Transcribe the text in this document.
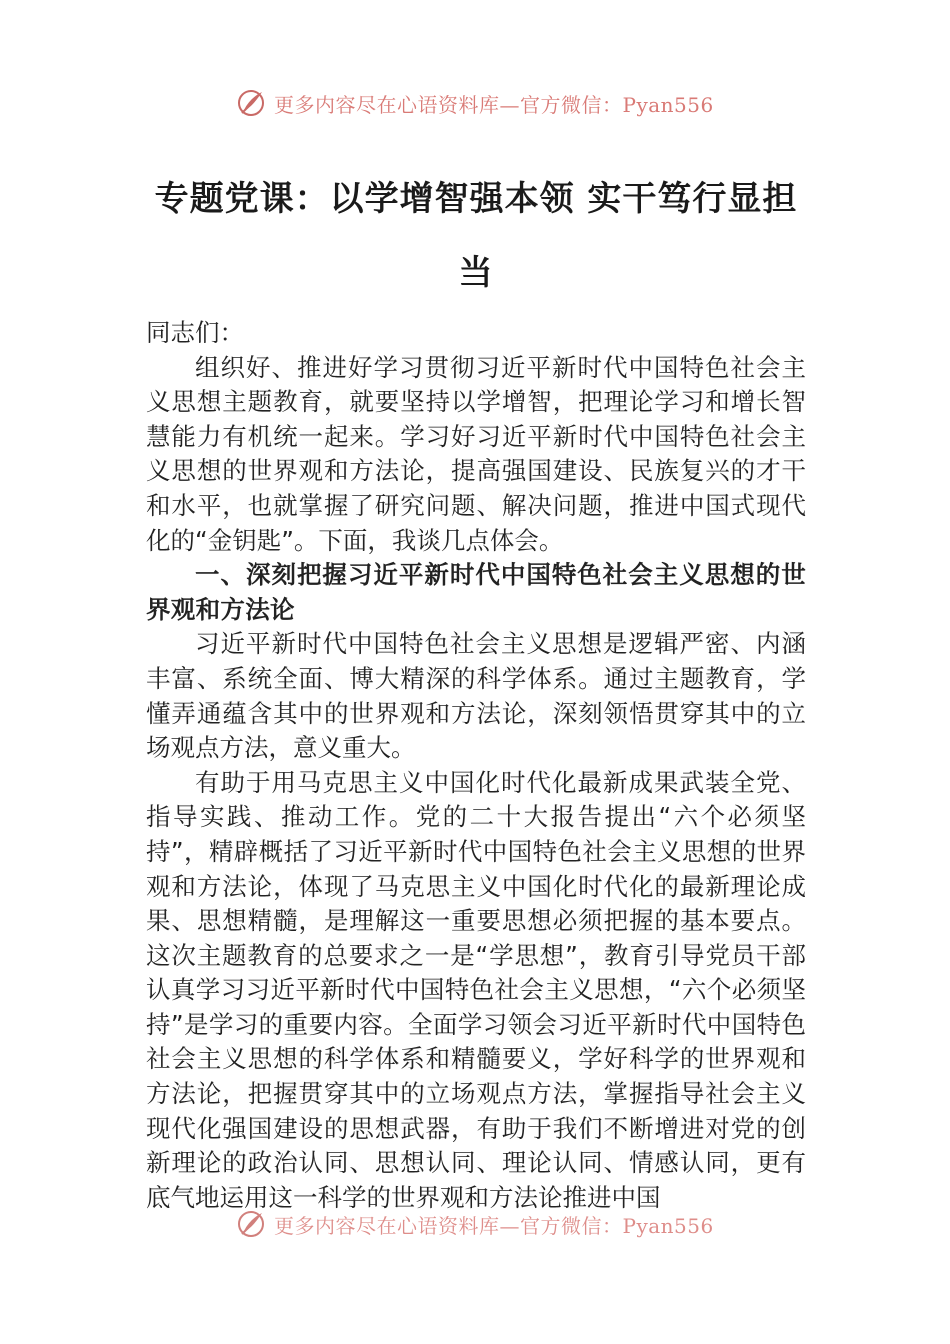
更多内容尽在心语资料库—官方微信：Pyan556
专题党课：以学增智强本领 实干笃行显担当

同志们：

组织好、推进好学习贯彻习近平新时代中国特色社会主义思想主题教育，就要坚持以学增智，把理论学习和增长智慧能力有机统一起来。学习好习近平新时代中国特色社会主义思想的世界观和方法论，提高强国建设、民族复兴的才干和水平，也就掌握了研究问题、解决问题，推进中国式现代化的“金钥匙”。下面，我谈几点体会。

一、深刻把握习近平新时代中国特色社会主义思想的世界观和方法论

习近平新时代中国特色社会主义思想是逻辑严密、内涵丰富、系统全面、博大精深的科学体系。通过主题教育，学懂弄通蕴含其中的世界观和方法论，深刻领悟贯穿其中的立场观点方法，意义重大。

有助于用马克思主义中国化时代化最新成果武装全党、指导实践、推动工作。党的二十大报告提出“六个必须坚持”，精辟概括了习近平新时代中国特色社会主义思想的世界观和方法论，体现了马克思主义中国化时代化的最新理论成果、思想精髓，是理解这一重要思想必须把握的基本要点。这次主题教育的总要求之一是“学思想”，教育引导党员干部认真学习习近平新时代中国特色社会主义思想，“六个必须坚持”是学习的重要内容。全面学习领会习近平新时代中国特色社会主义思想的科学体系和精髓要义，学好科学的世界观和方法论，把握贯穿其中的立场观点方法，掌握指导社会主义现代化强国建设的思想武器，有助于我们不断增进对党的创新理论的政治认同、思想认同、理论认同、情感认同，更有底气地运用这一科学的世界观和方法论推进中国

更多内容尽在心语资料库—官方微信：Pyan556
